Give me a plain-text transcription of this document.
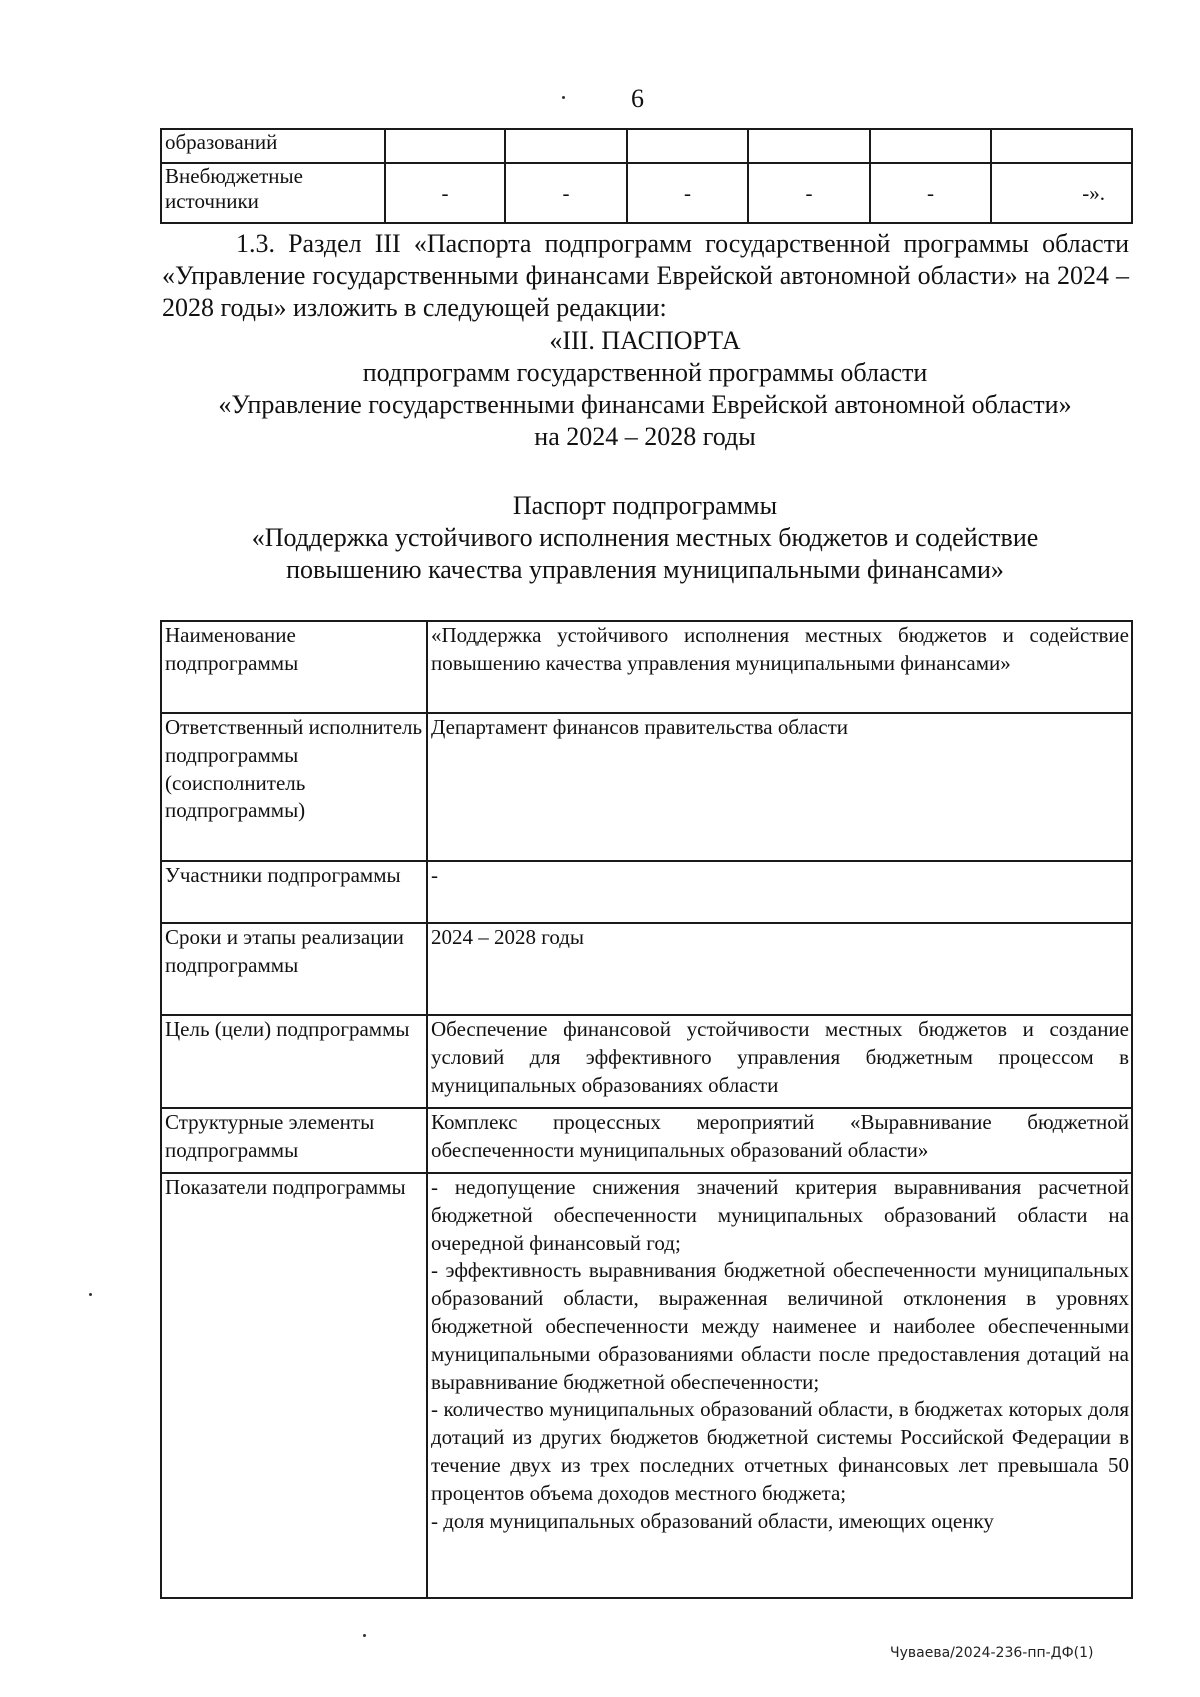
6
образований						
Внебюджетные источники	-	-	-	-	-	-».

1.3. Раздел III «Паспорта подпрограмм государственной программы области «Управление государственными финансами Еврейской автономной области» на 2024 – 2028 годы» изложить в следующей редакции:

«III. ПАСПОРТА

подпрограмм государственной программы области

«Управление государственными финансами Еврейской автономной области»

на 2024 – 2028 годы

Паспорт подпрограммы

«Поддержка устойчивого исполнения местных бюджетов и содействие

повышению качества управления муниципальными финансами»

Наименование подпрограммы	«Поддержка устойчивого исполнения местных бюджетов и содействие повышению качества управления муниципальными финансами»
Ответственный исполнитель подпрограммы (соисполнитель подпрограммы)	Департамент финансов правительства области
Участники подпрограммы	-
Сроки и этапы реализации подпрограммы	2024 – 2028 годы
Цель (цели) подпрограммы	Обеспечение финансовой устойчивости местных бюджетов и создание условий для эффективного управления бюджетным процессом в муниципальных образованиях области
Структурные элементы подпрограммы	Комплекс процессных мероприятий «Выравнивание бюджетной обеспеченности муниципальных образований области»
Показатели подпрограммы	- недопущение снижения значений критерия выравнивания расчетной бюджетной обеспеченности муниципальных образований области на очередной финансовый год;
- эффективность выравнивания бюджетной обеспеченности муниципальных образований области, выраженная величиной отклонения в уровнях бюджетной обеспеченности между наименее и наиболее обеспеченными муниципальными образованиями области после предоставления дотаций на выравнивание бюджетной обеспеченности;
- количество муниципальных образований области, в бюджетах которых доля дотаций из других бюджетов бюджетной системы Российской Федерации в течение двух из трех последних отчетных финансовых лет превышала 50 процентов объема доходов местного бюджета;
- доля муниципальных образований области, имеющих оценку
Чуваева/2024-236-пп-ДФ(1)
